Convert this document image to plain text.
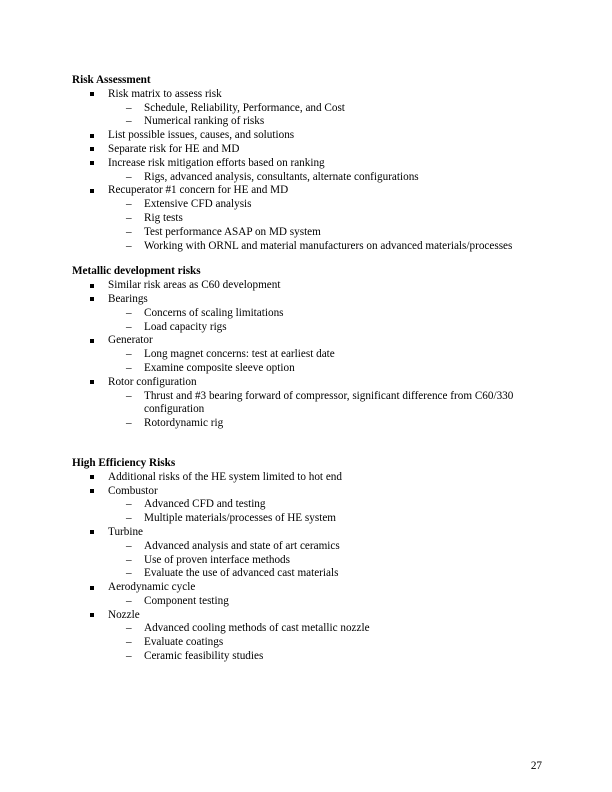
Risk Assessment
Risk matrix to assess risk
– Schedule, Reliability, Performance, and Cost
– Numerical ranking of risks
List possible issues, causes, and solutions
Separate risk for HE and MD
Increase risk mitigation efforts based on ranking
– Rigs, advanced analysis, consultants, alternate configurations
Recuperator #1 concern for HE and MD
– Extensive CFD analysis
– Rig tests
– Test performance ASAP on MD system
– Working with ORNL and material manufacturers on advanced materials/processes
Metallic development risks
Similar risk areas as C60 development
Bearings
– Concerns of scaling limitations
– Load capacity rigs
Generator
– Long magnet concerns: test at earliest date
– Examine composite sleeve option
Rotor configuration
– Thrust and #3 bearing forward of compressor, significant difference from C60/330 configuration
– Rotordynamic rig
High Efficiency Risks
Additional risks of the HE system limited to hot end
Combustor
– Advanced CFD and testing
– Multiple materials/processes of HE system
Turbine
– Advanced analysis and state of art ceramics
– Use of proven interface methods
– Evaluate the use of advanced cast materials
Aerodynamic cycle
– Component testing
Nozzle
– Advanced cooling methods of cast metallic nozzle
– Evaluate coatings
– Ceramic feasibility studies
27
